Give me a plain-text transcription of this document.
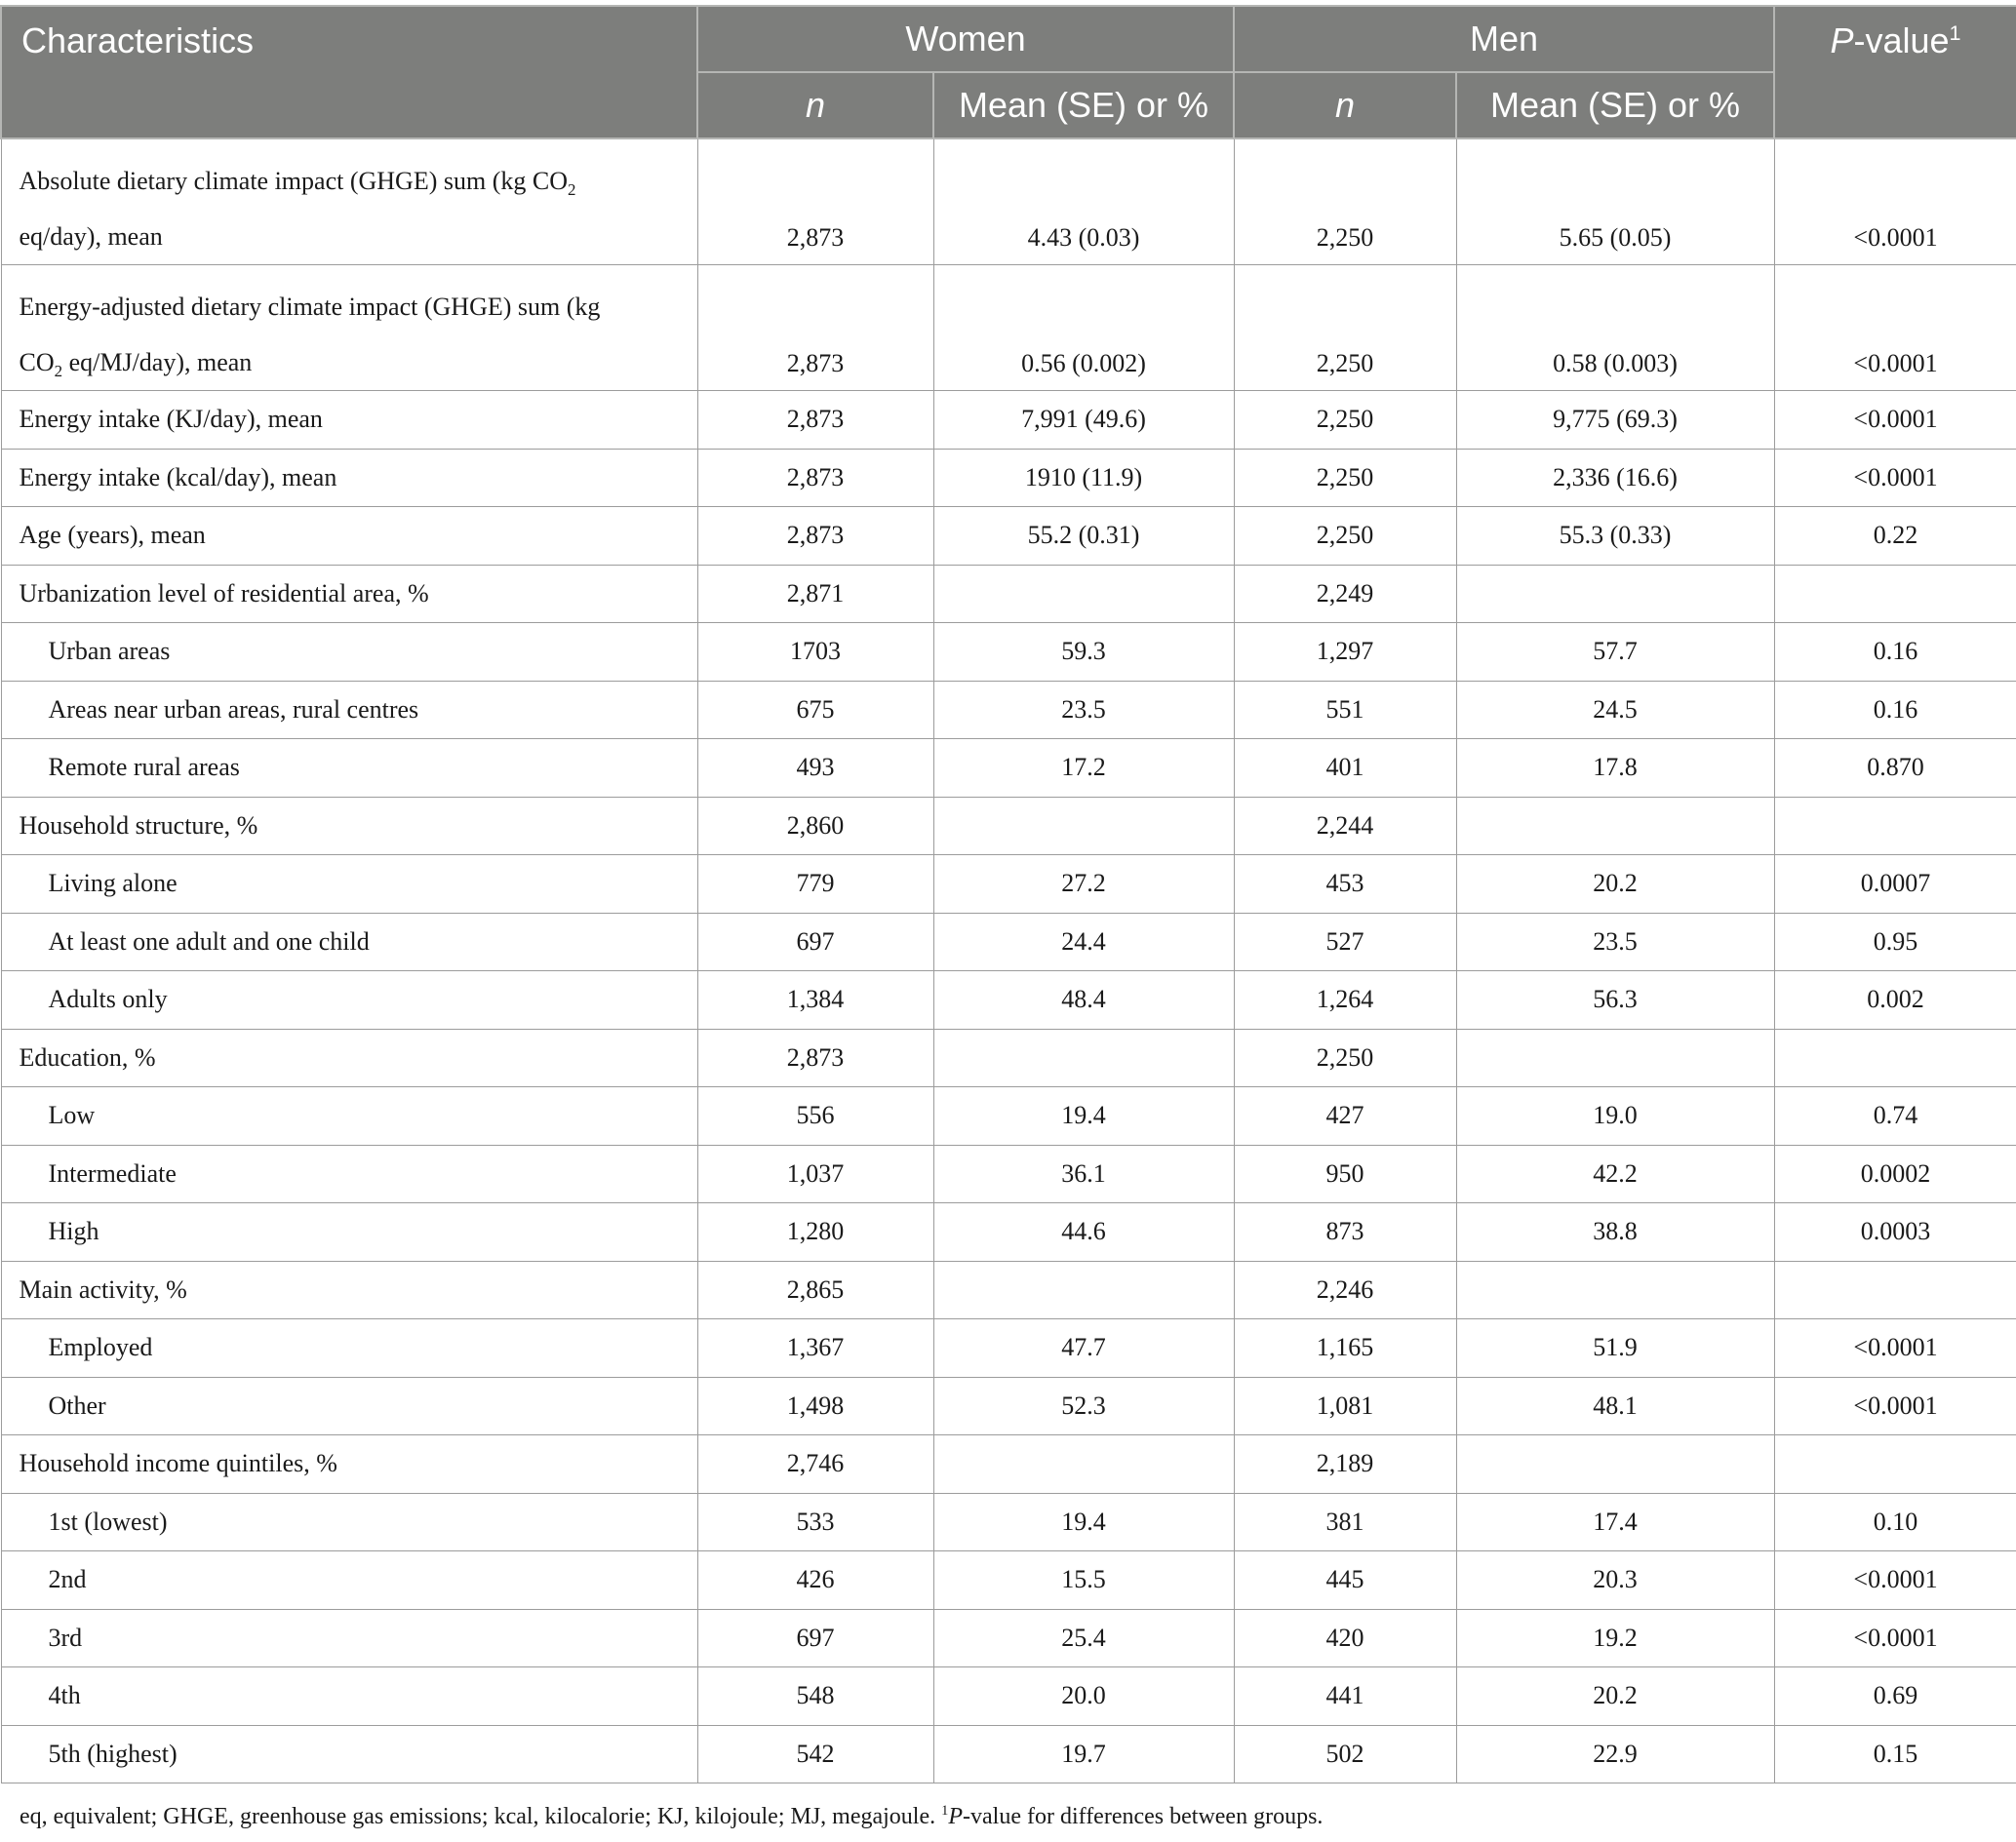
Characteristics	Women		Men		P-value$^1$
	n	Mean (SE) or %	n	Mean (SE) or %	
Absolute dietary climate impact (GHGE) sum (kg $CO_2$
eq/day), mean	2,873	4.43 (0.03)	2,250	5.65 (0.05)	<0.0001
Energy-adjusted dietary climate impact (GHGE) sum (kg
$CO_2$ eq/MJ/day), mean	2,873	0.56 (0.002)	2,250	0.58 (0.003)	<0.0001
Energy intake (KJ/day), mean	2,873	7,991 (49.6)	2,250	9,775 (69.3)	<0.0001
Energy intake (kcal/day), mean	2,873	1910 (11.9)	2,250	2,336 (16.6)	<0.0001
Age (years), mean	2,873	55.2 (0.31)	2,250	55.3 (0.33)	0.22
Urbanization level of residential area, %	2,871		2,249		
Urban areas	1703	59.3	1,297	57.7	0.16
Areas near urban areas, rural centres	675	23.5	551	24.5	0.16
Remote rural areas	493	17.2	401	17.8	0.870
Household structure, %	2,860		2,244		
Living alone	779	27.2	453	20.2	0.0007
At least one adult and one child	697	24.4	527	23.5	0.95
Adults only	1,384	48.4	1,264	56.3	0.002
Education, %	2,873		2,250		
Low	556	19.4	427	19.0	0.74
Intermediate	1,037	36.1	950	42.2	0.0002
High	1,280	44.6	873	38.8	0.0003
Main activity, %	2,865		2,246		
Employed	1,367	47.7	1,165	51.9	<0.0001
Other	1,498	52.3	1,081	48.1	<0.0001
Household income quintiles, %	2,746		2,189		
1st (lowest)	533	19.4	381	17.4	0.10
2nd	426	15.5	445	20.3	<0.0001
3rd	697	25.4	420	19.2	<0.0001
4th	548	20.0	441	20.2	0.69
5th (highest)	542	19.7	502	22.9	0.15
eq, equivalent; GHGE, greenhouse gas emissions; kcal, kilocalorie; KJ, kilojoule; MJ, megajoule. $^1$P-value for differences between groups.
